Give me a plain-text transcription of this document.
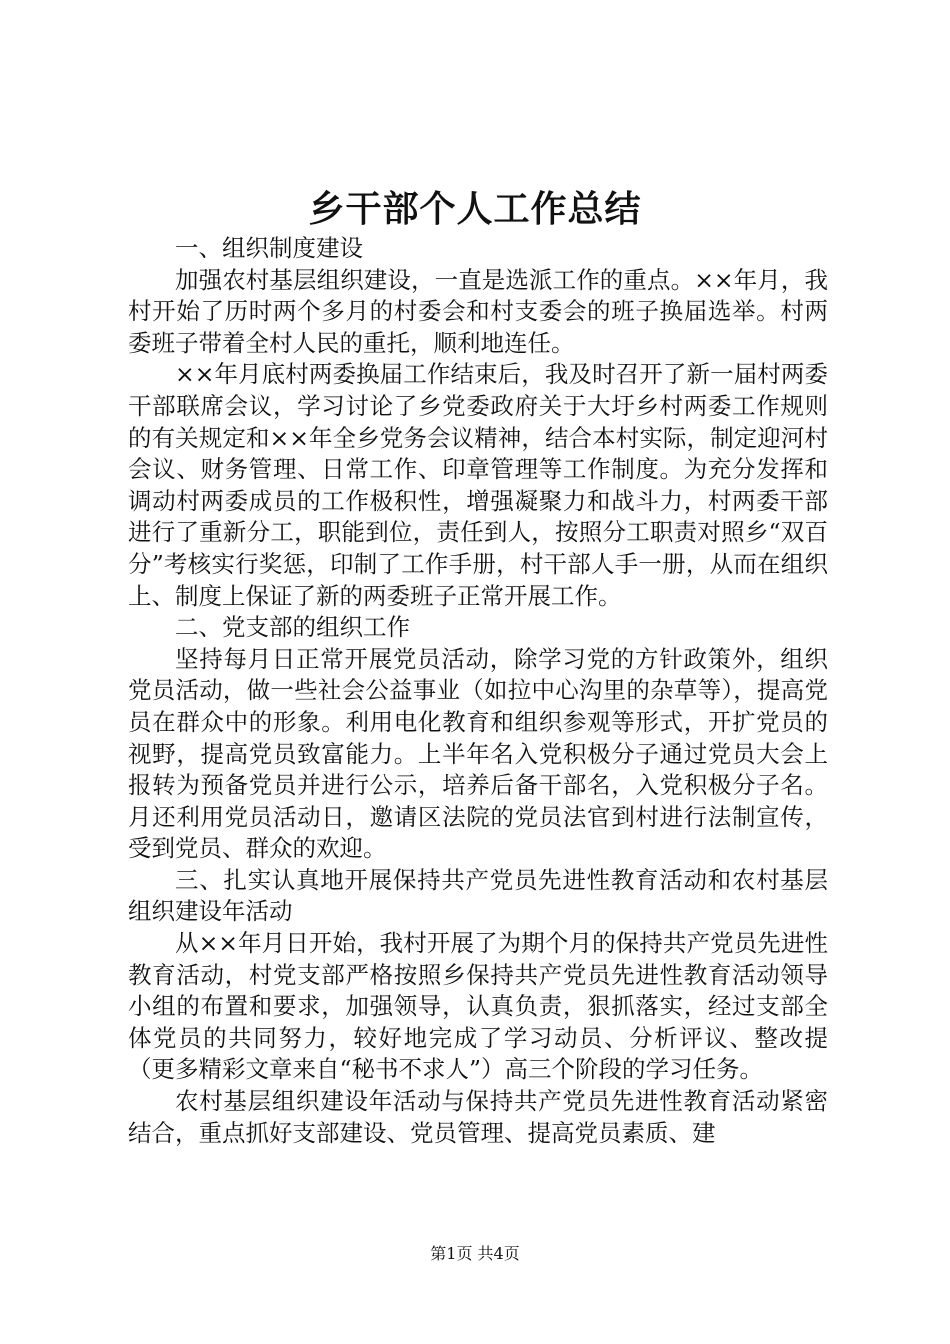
乡干部个人工作总结

一、组织制度建设

加强农村基层组织建设，一直是选派工作的重点。××年月，我村开始了历时两个多月的村委会和村支委会的班子换届选举。村两委班子带着全村人民的重托，顺利地连任。

××年月底村两委换届工作结束后，我及时召开了新一届村两委干部联席会议，学习讨论了乡党委政府关于大圩乡村两委工作规则的有关规定和××年全乡党务会议精神，结合本村实际，制定迎河村会议、财务管理、日常工作、印章管理等工作制度。为充分发挥和调动村两委成员的工作极积性，增强凝聚力和战斗力，村两委干部进行了重新分工，职能到位，责任到人，按照分工职责对照乡“双百分”考核实行奖惩，印制了工作手册，村干部人手一册，从而在组织上、制度上保证了新的两委班子正常开展工作。

二、党支部的组织工作

坚持每月日正常开展党员活动，除学习党的方针政策外，组织党员活动，做一些社会公益事业（如拉中心沟里的杂草等），提高党员在群众中的形象。利用电化教育和组织参观等形式，开扩党员的视野，提高党员致富能力。上半年名入党积极分子通过党员大会上报转为预备党员并进行公示，培养后备干部名，入党积极分子名。月还利用党员活动日，邀请区法院的党员法官到村进行法制宣传，受到党员、群众的欢迎。

三、扎实认真地开展保持共产党员先进性教育活动和农村基层组织建设年活动

从××年月日开始，我村开展了为期个月的保持共产党员先进性教育活动，村党支部严格按照乡保持共产党员先进性教育活动领导小组的布置和要求，加强领导，认真负责，狠抓落实，经过支部全体党员的共同努力，较好地完成了学习动员、分析评议、整改提（更多精彩文章来自“秘书不求人”）高三个阶段的学习任务。

农村基层组织建设年活动与保持共产党员先进性教育活动紧密结合，重点抓好支部建设、党员管理、提高党员素质、建

第1页 共4页
